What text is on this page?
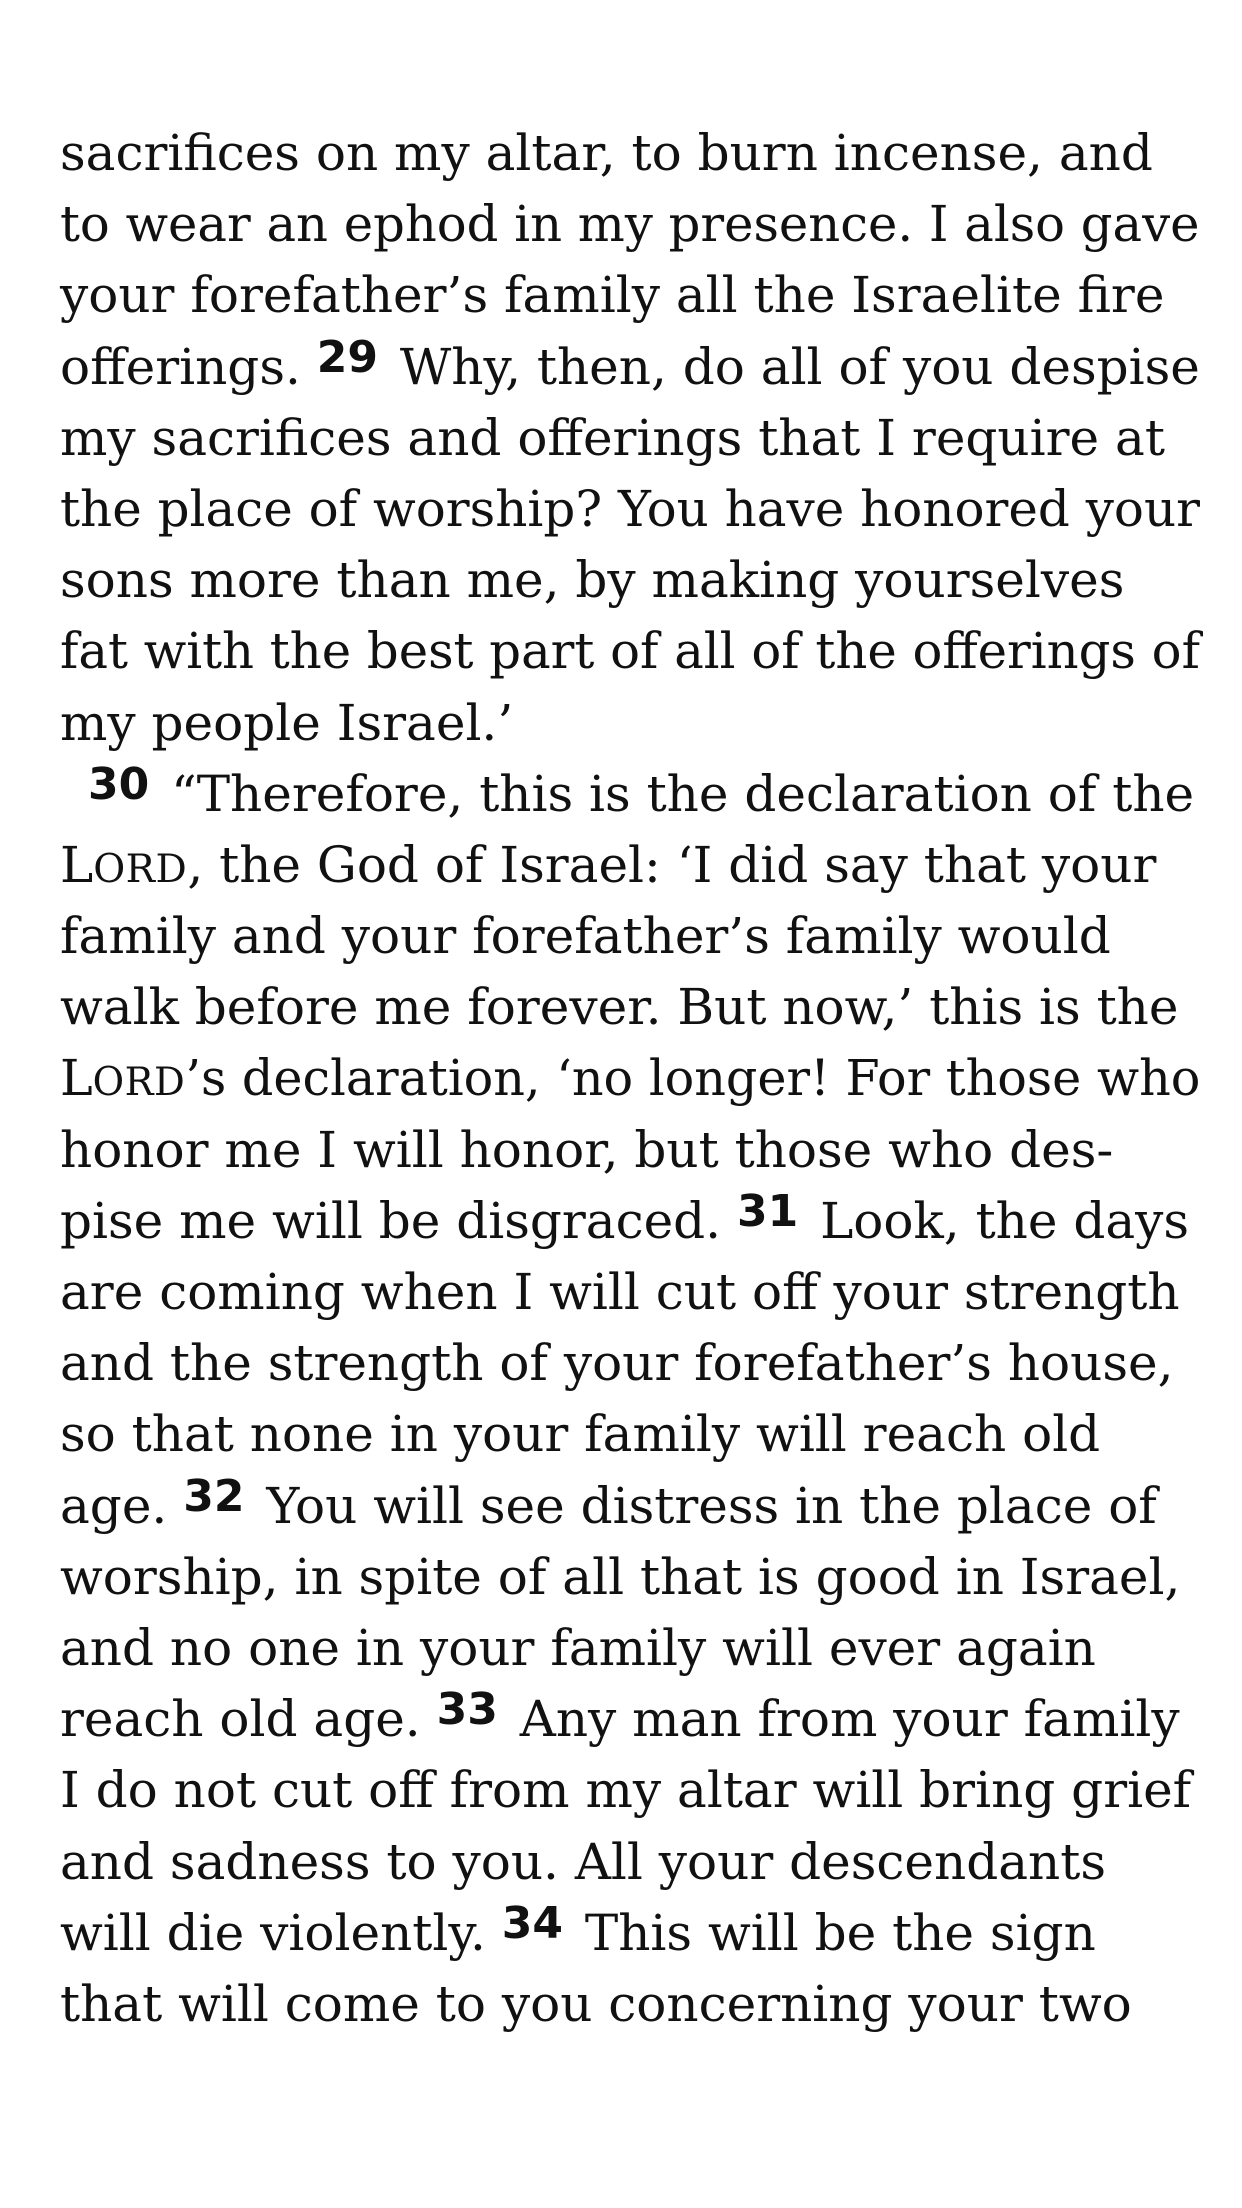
sacrifices on my altar, to burn incense, and
to wear an ephod in my presence. I also gave
your forefather’s family all the Israelite fire
offerings. 29 Why, then, do all of you despise
my sacrifices and offerings that I require at
the place of worship? You have honored your
sons more than me, by making yourselves
fat with the best part of all of the offerings of
my people Israel.’
30 “Therefore, this is the declaration of the
LORD, the God of Israel: ‘I did say that your
family and your forefather’s family would
walk before me forever. But now,’ this is the
LORD’s declaration, ‘no longer! For those who
honor me I will honor, but those who des-
pise me will be disgraced. 31 Look, the days
are coming when I will cut off your strength
and the strength of your forefather’s house,
so that none in your family will reach old
age. 32 You will see distress in the place of
worship, in spite of all that is good in Israel,
and no one in your family will ever again
reach old age. 33 Any man from your family
I do not cut off from my altar will bring grief
and sadness to you. All your descendants
will die violently. 34 This will be the sign
that will come to you concerning your two
